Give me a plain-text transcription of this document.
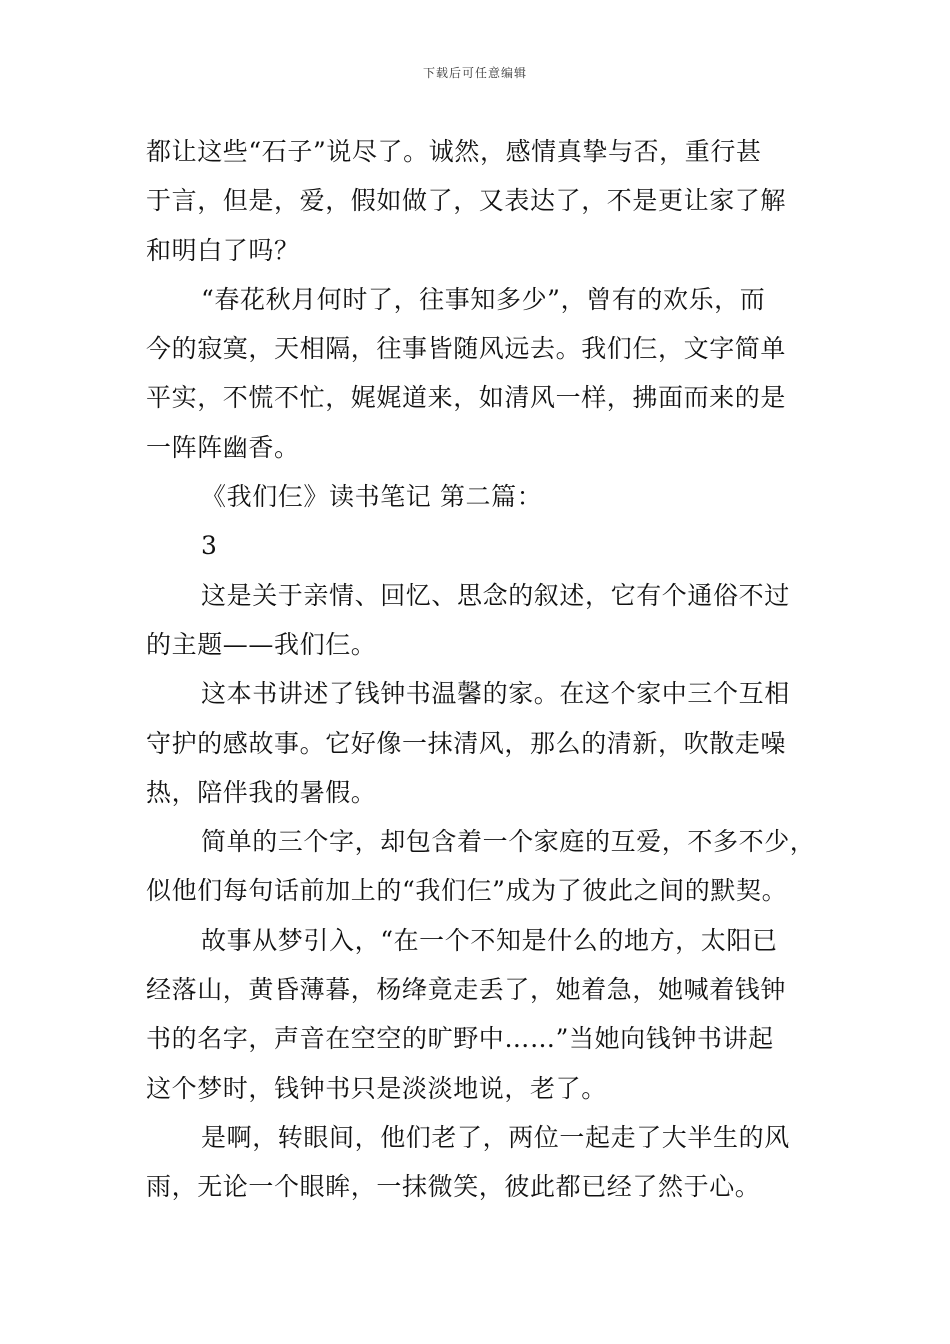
下载后可任意编辑
都让这些“石子”说尽了。诚然，感情真挚与否，重行甚
于言，但是，爱，假如做了，又表达了，不是更让家了解
和明白了吗？
“春花秋月何时了，往事知多少”，曾有的欢乐，而
今的寂寞，天相隔，往事皆随风远去。我们仨，文字简单
平实，不慌不忙，娓娓道来，如清风一样，拂面而来的是
一阵阵幽香。
《我们仨》读书笔记 第二篇：
3
这是关于亲情、回忆、思念的叙述，它有个通俗不过
的主题——我们仨。
这本书讲述了钱钟书温馨的家。在这个家中三个互相
守护的感故事。它好像一抹清风，那么的清新，吹散走噪
热，陪伴我的暑假。
简单的三个字，却包含着一个家庭的互爱，不多不少，
似他们每句话前加上的“我们仨”成为了彼此之间的默契。
故事从梦引入，“在一个不知是什么的地方，太阳已
经落山，黄昏薄暮，杨绛竟走丢了，她着急，她喊着钱钟
书的名字，声音在空空的旷野中……”当她向钱钟书讲起
这个梦时，钱钟书只是淡淡地说，老了。
是啊，转眼间，他们老了，两位一起走了大半生的风
雨，无论一个眼眸，一抹微笑，彼此都已经了然于心。
